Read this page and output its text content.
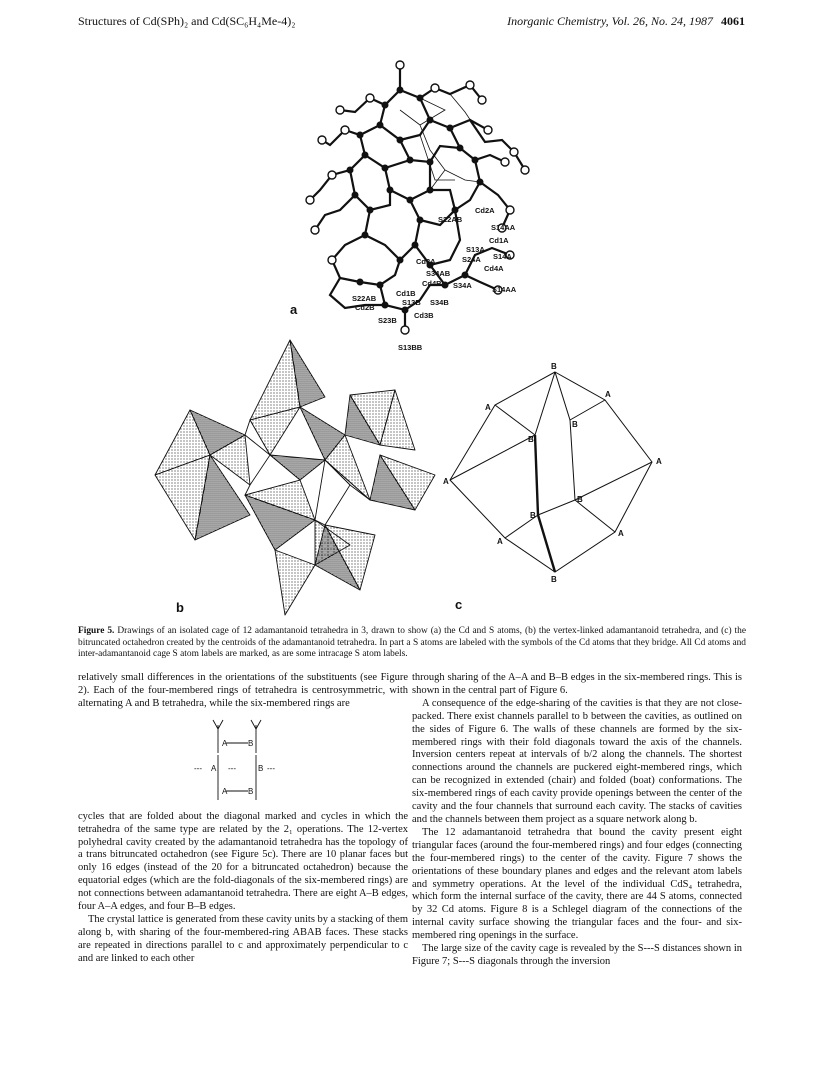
Structures of Cd(SPh)₂ and Cd(SC₆H₄Me-4)₂	Inorganic Chemistry, Vol. 26, No. 24, 1987 4061
Cd2A
S22AB
S14AA
Cd1A
S13A
S24A S14A
Cd4A
Cd3A
S34AB
Cd4B S34A	S14AA
Cd1B
S22AB
Cd2B
S13B S34B
Cd3B
S23B
S13BB
a
b
B
A
A
B
B
A
A
B
B
A
A
B
c
Figure 5. Drawings of an isolated cage of 12 adamantanoid tetrahedra in 3, drawn to show (a) the Cd and S atoms, (b) the vertex-linked adamantanoid tetrahedra, and (c) the bitruncated octahedron created by the centroids of the adamantanoid tetrahedra. In part a S atoms are labeled with the symbols of the Cd atoms that they bridge. All Cd atoms and inter-adamantanoid cage S atom labels are marked, as are some intracage S atom labels.

relatively small differences in the orientations of the substituents (see Figure 2). Each of the four-membered rings of tetrahedra is centrosymmetric, with alternating A and B tetrahedra, while the six-membered rings are

A	B
A	B
---	---	---
A	B

cycles that are folded about the diagonal marked and cycles in which the tetrahedra of the same type are related by the 2₁ operations. The 12-vertex polyhedral cavity created by the adamantanoid tetrahedra has the topology of a trans bitruncated octahedron (see Figure 5c). There are 10 planar faces but only 16 edges (instead of the 20 for a bitruncated octahedron) because the equatorial edges (which are the fold-diagonals of the six-membered rings) are not connections between adamantanoid tetrahedra. There are eight A–B edges, four A–A edges, and four B–B edges.

The crystal lattice is generated from these cavity units by a stacking of them along b, with sharing of the four-membered-ring ABAB faces. These stacks are repeated in directions parallel to c and approximately perpendicular to c and are linked to each other

through sharing of the A–A and B–B edges in the six-membered rings. This is shown in the central part of Figure 6.

A consequence of the edge-sharing of the cavities is that they are not close-packed. There exist channels parallel to b between the cavities, as outlined on the sides of Figure 6. The walls of these channels are formed by the six-membered rings with their fold diagonals toward the axis of the channels. Inversion centers repeat at intervals of b/2 along the channels. The shortest connections around the channels are puckered eight-membered rings, which can be recognized in extended (chair) and folded (boat) conformations. The six-membered rings of each cavity provide openings between the center of the cavity and the four channels that surround each cavity. The stacks of cavities and the channels between them project as a square network along b.

The 12 adamantanoid tetrahedra that bound the cavity present eight triangular faces (around the four-membered rings) and four edges (connecting the four-membered rings) to the center of the cavity. Figure 7 shows the orientations of these boundary planes and edges and the relevant atom labels and symmetry operations. At the level of the individual CdS₄ tetrahedra, which form the internal surface of the cavity, there are 44 S atoms, connected by 32 Cd atoms. Figure 8 is a Schlegel diagram of the connections of the internal cavity surface showing the triangular faces and the four- and six-membered ring openings in the surface.

The large size of the cavity cage is revealed by the S---S distances shown in Figure 7; S---S diagonals through the inversion
